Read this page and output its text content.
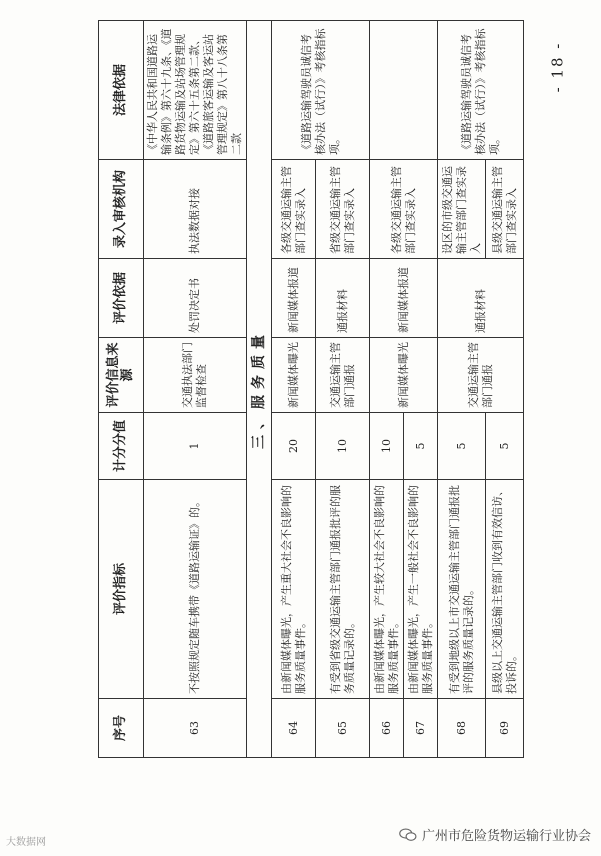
序号	评价指标	计分分值	评价信息来源	评价依据	录入审核机构	法律依据
63	不按照规定随车携带《道路运输证》的。	1	交通执法部门监督检查	处罚决定书	执法数据对接	《中华人民共和国道路运输条例》第六十九条、《道路货物运输及站场管理规定》第六十五条第二款、《道路旅客运输及客运站管理规定》第八十八条第二款
三、服务质量						
64	由新闻媒体曝光，产生重大社会不良影响的服务质量事件。	20	新闻媒体曝光	新闻媒体报道	各级交通运输主管部门查实录入	《道路运输驾驶员诚信考核办法（试行）》考核指标项。
65	有受到省级交通运输主管部门通报批评的服务质量记录的。	10	交通运输主管部门通报	通报材料	省级交通运输主管部门查实录入	
66	由新闻媒体曝光，产生较大社会不良影响的服务质量事件。	10	新闻媒体曝光	新闻媒体报道	各级交通运输主管部门查实录入	
67	由新闻媒体曝光，产生一般社会不良影响的服务质量事件。	5				
68	有受到地级以上市交通运输主管部门通报批评的服务质量记录的。	5	交通运输主管部门通报	通报材料	设区的市级交通运输主管部门查实录入	《道路运输驾驶员诚信考核办法（试行）》考核指标项。
69	县级以上交通运输主管部门收到有效信访、投诉的。	5			县级交通运输主管部门查实录入	
- 18 -
大数据网	广州市危险货物运输行业协会
